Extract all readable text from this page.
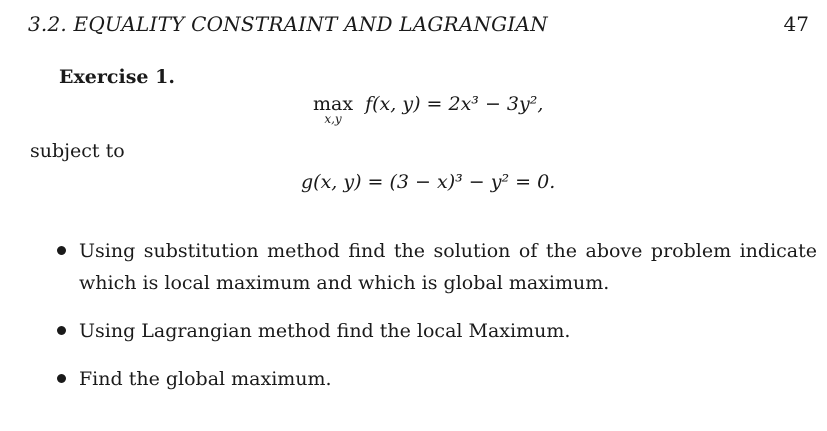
3.2. EQUALITY CONSTRAINT AND LAGRANGIAN	47
Exercise 1.
max
x,y
f(x, y) = 2x³ − 3y²,
subject to
g(x, y) = (3 − x)³ − y² = 0.
Using substitution method find the solution of the above problem indicate which is local maximum and which is global maximum.
Using Lagrangian method find the local Maximum.
Find the global maximum.
